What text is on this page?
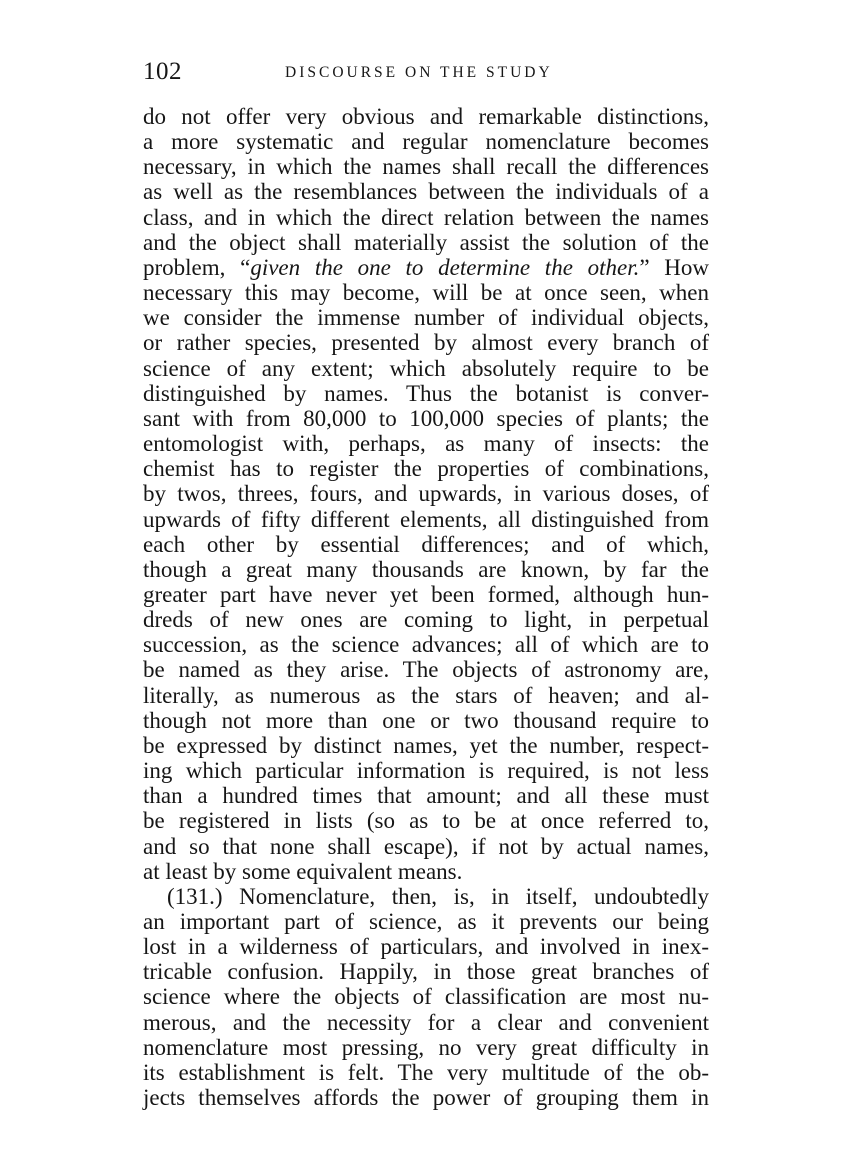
102	DISCOURSE ON THE STUDY
do not offer very obvious and remarkable distinctions,
a more systematic and regular nomenclature becomes
necessary, in which the names shall recall the differences
as well as the resemblances between the individuals of a
class, and in which the direct relation between the names
and the object shall materially assist the solution of the
problem, “given the one to determine the other.” How
necessary this may become, will be at once seen, when
we consider the immense number of individual objects,
or rather species, presented by almost every branch of
science of any extent; which absolutely require to be
distinguished by names. Thus the botanist is conver-
sant with from 80,000 to 100,000 species of plants; the
entomologist with, perhaps, as many of insects: the
chemist has to register the properties of combinations,
by twos, threes, fours, and upwards, in various doses, of
upwards of fifty different elements, all distinguished from
each other by essential differences; and of which,
though a great many thousands are known, by far the
greater part have never yet been formed, although hun-
dreds of new ones are coming to light, in perpetual
succession, as the science advances; all of which are to
be named as they arise. The objects of astronomy are,
literally, as numerous as the stars of heaven; and al-
though not more than one or two thousand require to
be expressed by distinct names, yet the number, respect-
ing which particular information is required, is not less
than a hundred times that amount; and all these must
be registered in lists (so as to be at once referred to,
and so that none shall escape), if not by actual names,
at least by some equivalent means.
(131.) Nomenclature, then, is, in itself, undoubtedly
an important part of science, as it prevents our being
lost in a wilderness of particulars, and involved in inex-
tricable confusion. Happily, in those great branches of
science where the objects of classification are most nu-
merous, and the necessity for a clear and convenient
nomenclature most pressing, no very great difficulty in
its establishment is felt. The very multitude of the ob-
jects themselves affords the power of grouping them in
